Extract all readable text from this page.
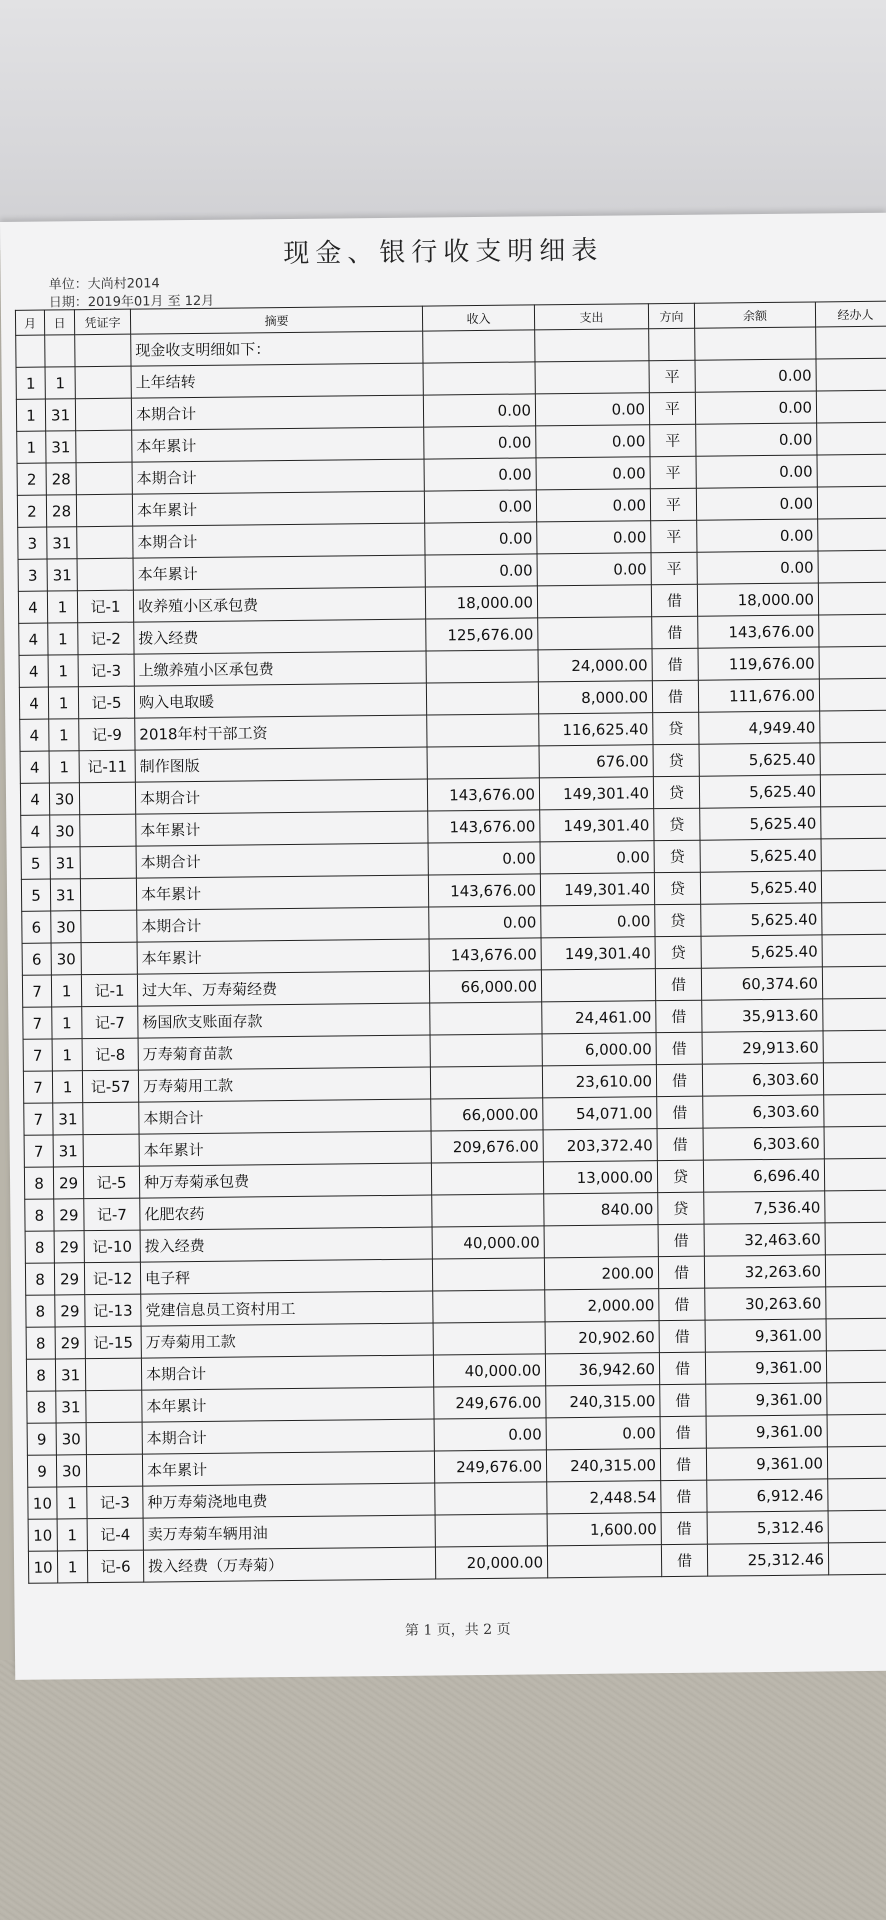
现金、银行收支明细表
单位：大尚村2014
日期：2019年01月 至 12月
月	日	凭证字	摘要	收入	支出	方向	余额	经办人
			现金收支明细如下：					
1	1		上年结转			平	0.00	
1	31		本期合计	0.00	0.00	平	0.00	
1	31		本年累计	0.00	0.00	平	0.00	
2	28		本期合计	0.00	0.00	平	0.00	
2	28		本年累计	0.00	0.00	平	0.00	
3	31		本期合计	0.00	0.00	平	0.00	
3	31		本年累计	0.00	0.00	平	0.00	
4	1	记-1	收养殖小区承包费	18,000.00		借	18,000.00	
4	1	记-2	拨入经费	125,676.00		借	143,676.00	
4	1	记-3	上缴养殖小区承包费		24,000.00	借	119,676.00	
4	1	记-5	购入电取暖		8,000.00	借	111,676.00	
4	1	记-9	2018年村干部工资		116,625.40	贷	4,949.40	
4	1	记-11	制作图版		676.00	贷	5,625.40	
4	30		本期合计	143,676.00	149,301.40	贷	5,625.40	
4	30		本年累计	143,676.00	149,301.40	贷	5,625.40	
5	31		本期合计	0.00	0.00	贷	5,625.40	
5	31		本年累计	143,676.00	149,301.40	贷	5,625.40	
6	30		本期合计	0.00	0.00	贷	5,625.40	
6	30		本年累计	143,676.00	149,301.40	贷	5,625.40	
7	1	记-1	过大年、万寿菊经费	66,000.00		借	60,374.60	
7	1	记-7	杨国欣支账面存款		24,461.00	借	35,913.60	
7	1	记-8	万寿菊育苗款		6,000.00	借	29,913.60	
7	1	记-57	万寿菊用工款		23,610.00	借	6,303.60	
7	31		本期合计	66,000.00	54,071.00	借	6,303.60	
7	31		本年累计	209,676.00	203,372.40	借	6,303.60	
8	29	记-5	种万寿菊承包费		13,000.00	贷	6,696.40	
8	29	记-7	化肥农药		840.00	贷	7,536.40	
8	29	记-10	拨入经费	40,000.00		借	32,463.60	
8	29	记-12	电子秤		200.00	借	32,263.60	
8	29	记-13	党建信息员工资村用工		2,000.00	借	30,263.60	
8	29	记-15	万寿菊用工款		20,902.60	借	9,361.00	
8	31		本期合计	40,000.00	36,942.60	借	9,361.00	
8	31		本年累计	249,676.00	240,315.00	借	9,361.00	
9	30		本期合计	0.00	0.00	借	9,361.00	
9	30		本年累计	249,676.00	240,315.00	借	9,361.00	
10	1	记-3	种万寿菊浇地电费		2,448.54	借	6,912.46	
10	1	记-4	卖万寿菊车辆用油		1,600.00	借	5,312.46	
10	1	记-6	拨入经费（万寿菊）	20,000.00		借	25,312.46	
第 1 页，共 2 页
